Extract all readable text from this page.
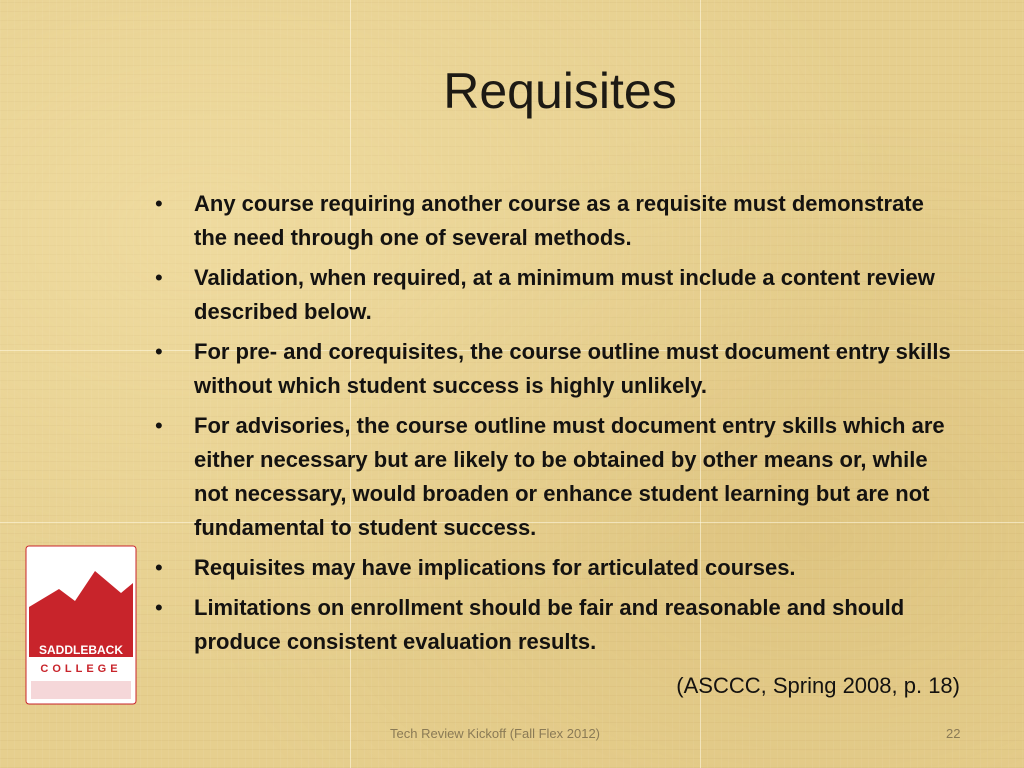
Requisites
• Any course requiring another course as a requisite must demonstrate the need through one of several methods.
• Validation, when required, at a minimum must include a content review described below.
• For pre- and corequisites, the course outline must document entry skills without which student success is highly unlikely.
• For advisories, the course outline must document entry skills which are either necessary but are likely to be obtained by other means or, while not necessary, would broaden or enhance student learning but are not fundamental to student success.
• Requisites may have implications for articulated courses.
• Limitations on enrollment should be fair and reasonable and should produce consistent evaluation results.
(ASCCC, Spring 2008, p. 18)
SADDLEBACK
COLLEGE
Tech Review Kickoff (Fall Flex 2012)	22
